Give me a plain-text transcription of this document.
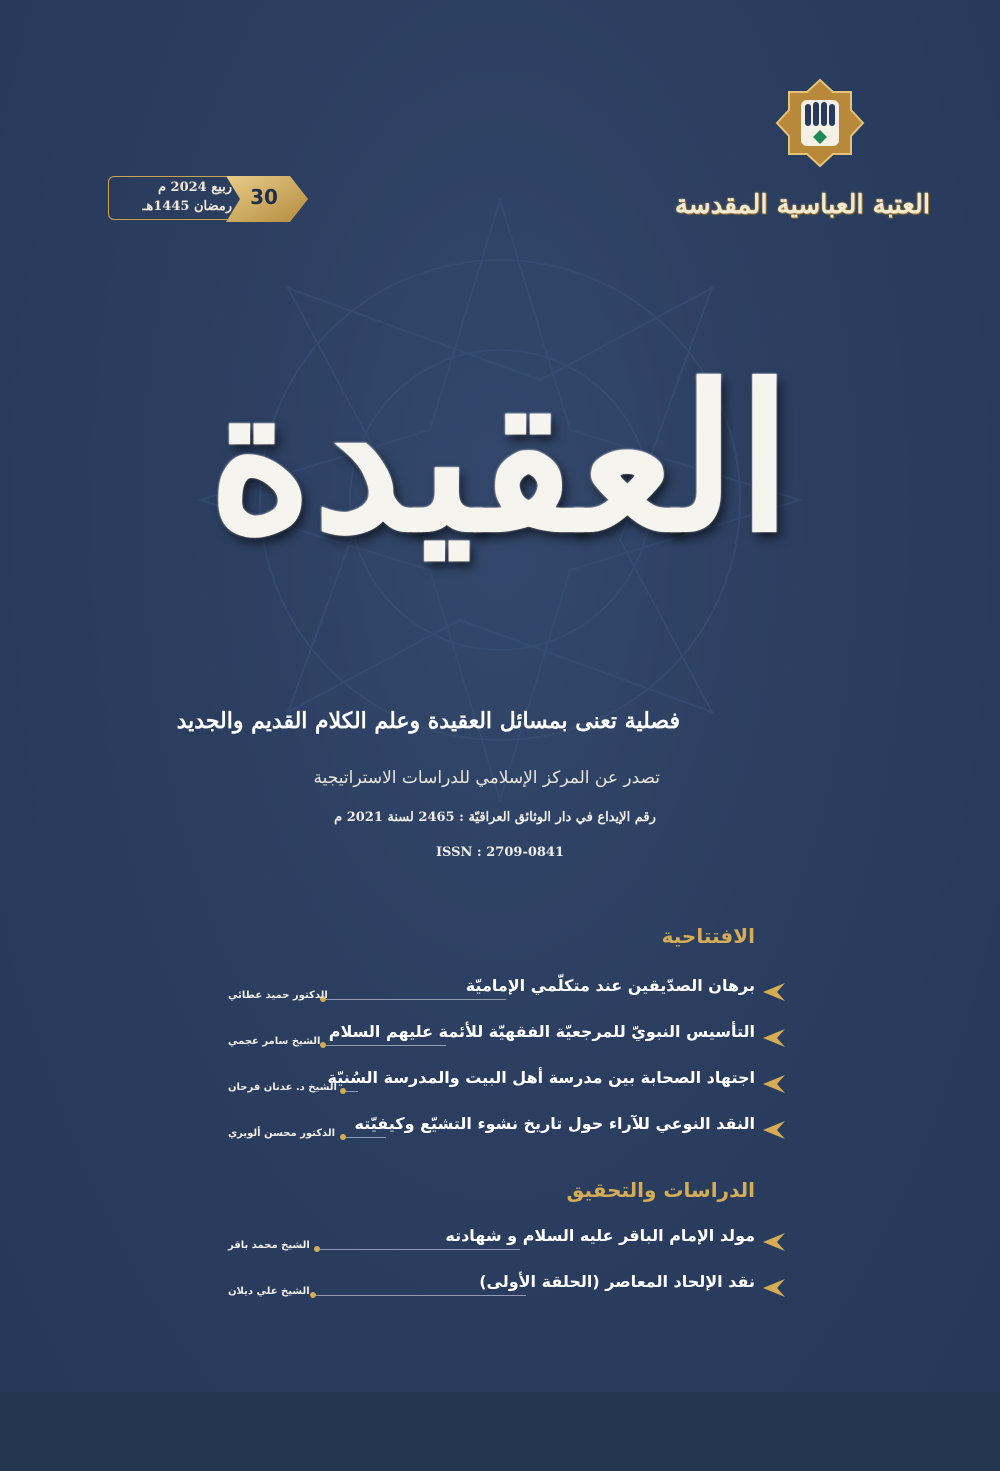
العتبة العباسية المقدسة
ربيع 2024 م
رمضان 1445هـ 30
العقيدة
فصلية تعنى بمسائل العقيدة وعلم الكلام القديم والجديد
تصدر عن المركز الإسلامي للدراسات الاستراتيجية
رقم الإيداع في دار الوثائق العراقيّة : 2465 لسنة 2021 م
ISSN : 2709-0841
الافتتاحية
برهان الصدّيقين عند متكلّمي الإماميّة
الدكتور حميد عطائي
التأسيس النبويّ للمرجعيّة الفقهيّة للأئمة عليهم السلام
الشيخ سامر عجمي
اجتهاد الصحابة بين مدرسة أهل البيت والمدرسة السُنيّة
الشيخ د. عدنان فرحان
النقد النوعي للآراء حول تاريخ نشوء التشيّع وكيفيّته
الدكتور محسن ألويري
الدراسات والتحقيق
مولد الإمام الباقر عليه السلام و شهادته
الشيخ محمد باقر
نقد الإلحاد المعاصر (الحلقة الأولى)
الشيخ علي ديلان
